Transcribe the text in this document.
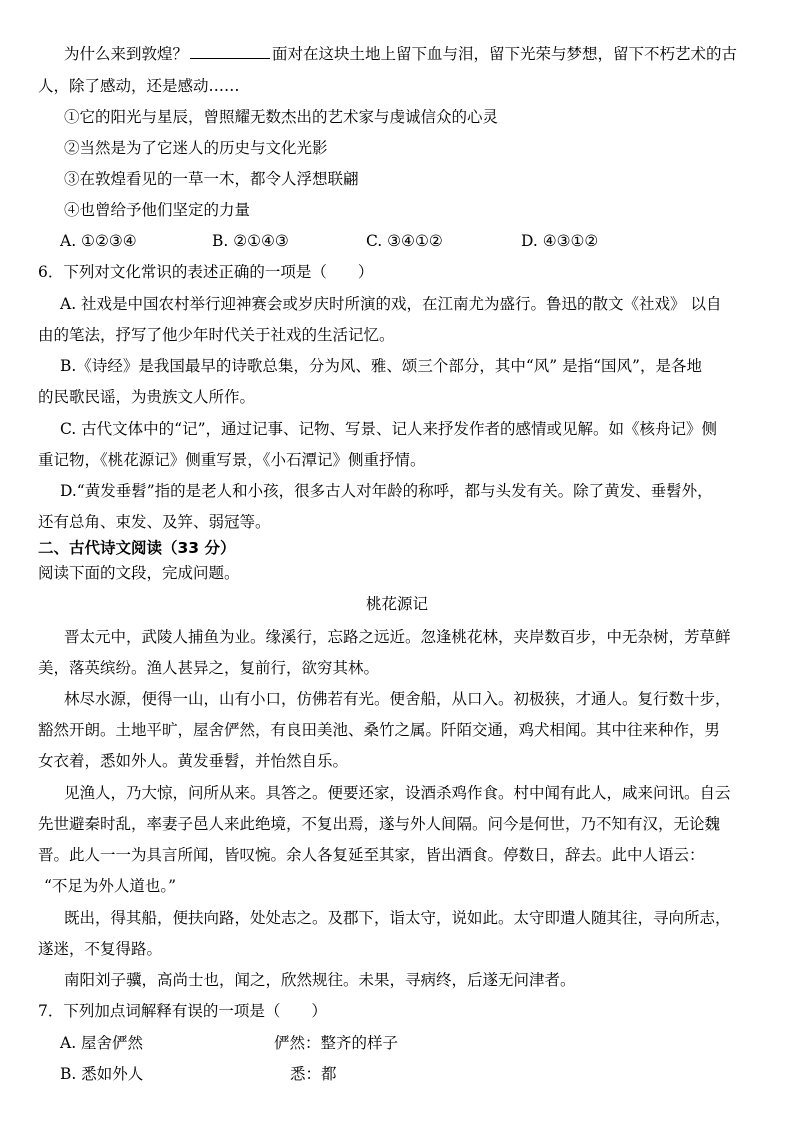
为什么来到敦煌？	面对在这块土地上留下血与泪，留下光荣与梦想，留下不朽艺术的古
人，除了感动，还是感动……
①它的阳光与星辰，曾照耀无数杰出的艺术家与虔诚信众的心灵
②当然是为了它迷人的历史与文化光影
③在敦煌看见的一草一木，都令人浮想联翩
④也曾给予他们坚定的力量
A. ①②③④	B. ②①④③	C. ③④①②	D. ④③①②
6．下列对文化常识的表述正确的一项是（　　）
A. 社戏是中国农村举行迎神赛会或岁庆时所演的戏，在江南尤为盛行。鲁迅的散文《社戏》 以自
由的笔法，抒写了他少年时代关于社戏的生活记忆。
B.《诗经》是我国最早的诗歌总集，分为风、雅、颂三个部分，其中“风” 是指“国风”，是各地
的民歌民谣，为贵族文人所作。
C. 古代文体中的“记”，通过记事、记物、写景、记人来抒发作者的感情或见解。如《核舟记》侧
重记物，《桃花源记》侧重写景，《小石潭记》侧重抒情。
D.“黄发垂髫”指的是老人和小孩，很多古人对年龄的称呼，都与头发有关。除了黄发、垂髫外，
还有总角、束发、及笄、弱冠等。
二、古代诗文阅读（33 分）
阅读下面的文段，完成问题。
桃花源记
晋太元中，武陵人捕鱼为业。缘溪行，忘路之远近。忽逢桃花林，夹岸数百步，中无杂树，芳草鲜
美，落英缤纷。渔人甚异之，复前行，欲穷其林。
林尽水源，便得一山，山有小口，仿佛若有光。便舍船，从口入。初极狭，才通人。复行数十步，
豁然开朗。土地平旷，屋舍俨然，有良田美池、桑竹之属。阡陌交通，鸡犬相闻。其中往来种作，男
女衣着，悉如外人。黄发垂髫，并怡然自乐。
见渔人，乃大惊，问所从来。具答之。便要还家，设酒杀鸡作食。村中闻有此人，咸来问讯。自云
先世避秦时乱，率妻子邑人来此绝境，不复出焉，遂与外人间隔。问今是何世，乃不知有汉，无论魏
晋。此人一一为具言所闻，皆叹惋。余人各复延至其家，皆出酒食。停数日，辞去。此中人语云：
“不足为外人道也。”
既出，得其船，便扶向路，处处志之。及郡下，诣太守，说如此。太守即遣人随其往，寻向所志，
遂迷，不复得路。
南阳刘子骥，高尚士也，闻之，欣然规往。未果，寻病终，后遂无问津者。
7．下列加点词解释有误的一项是（　　）
A. 屋舍俨然	俨然：整齐的样子
B. 悉如外人	悉：都
